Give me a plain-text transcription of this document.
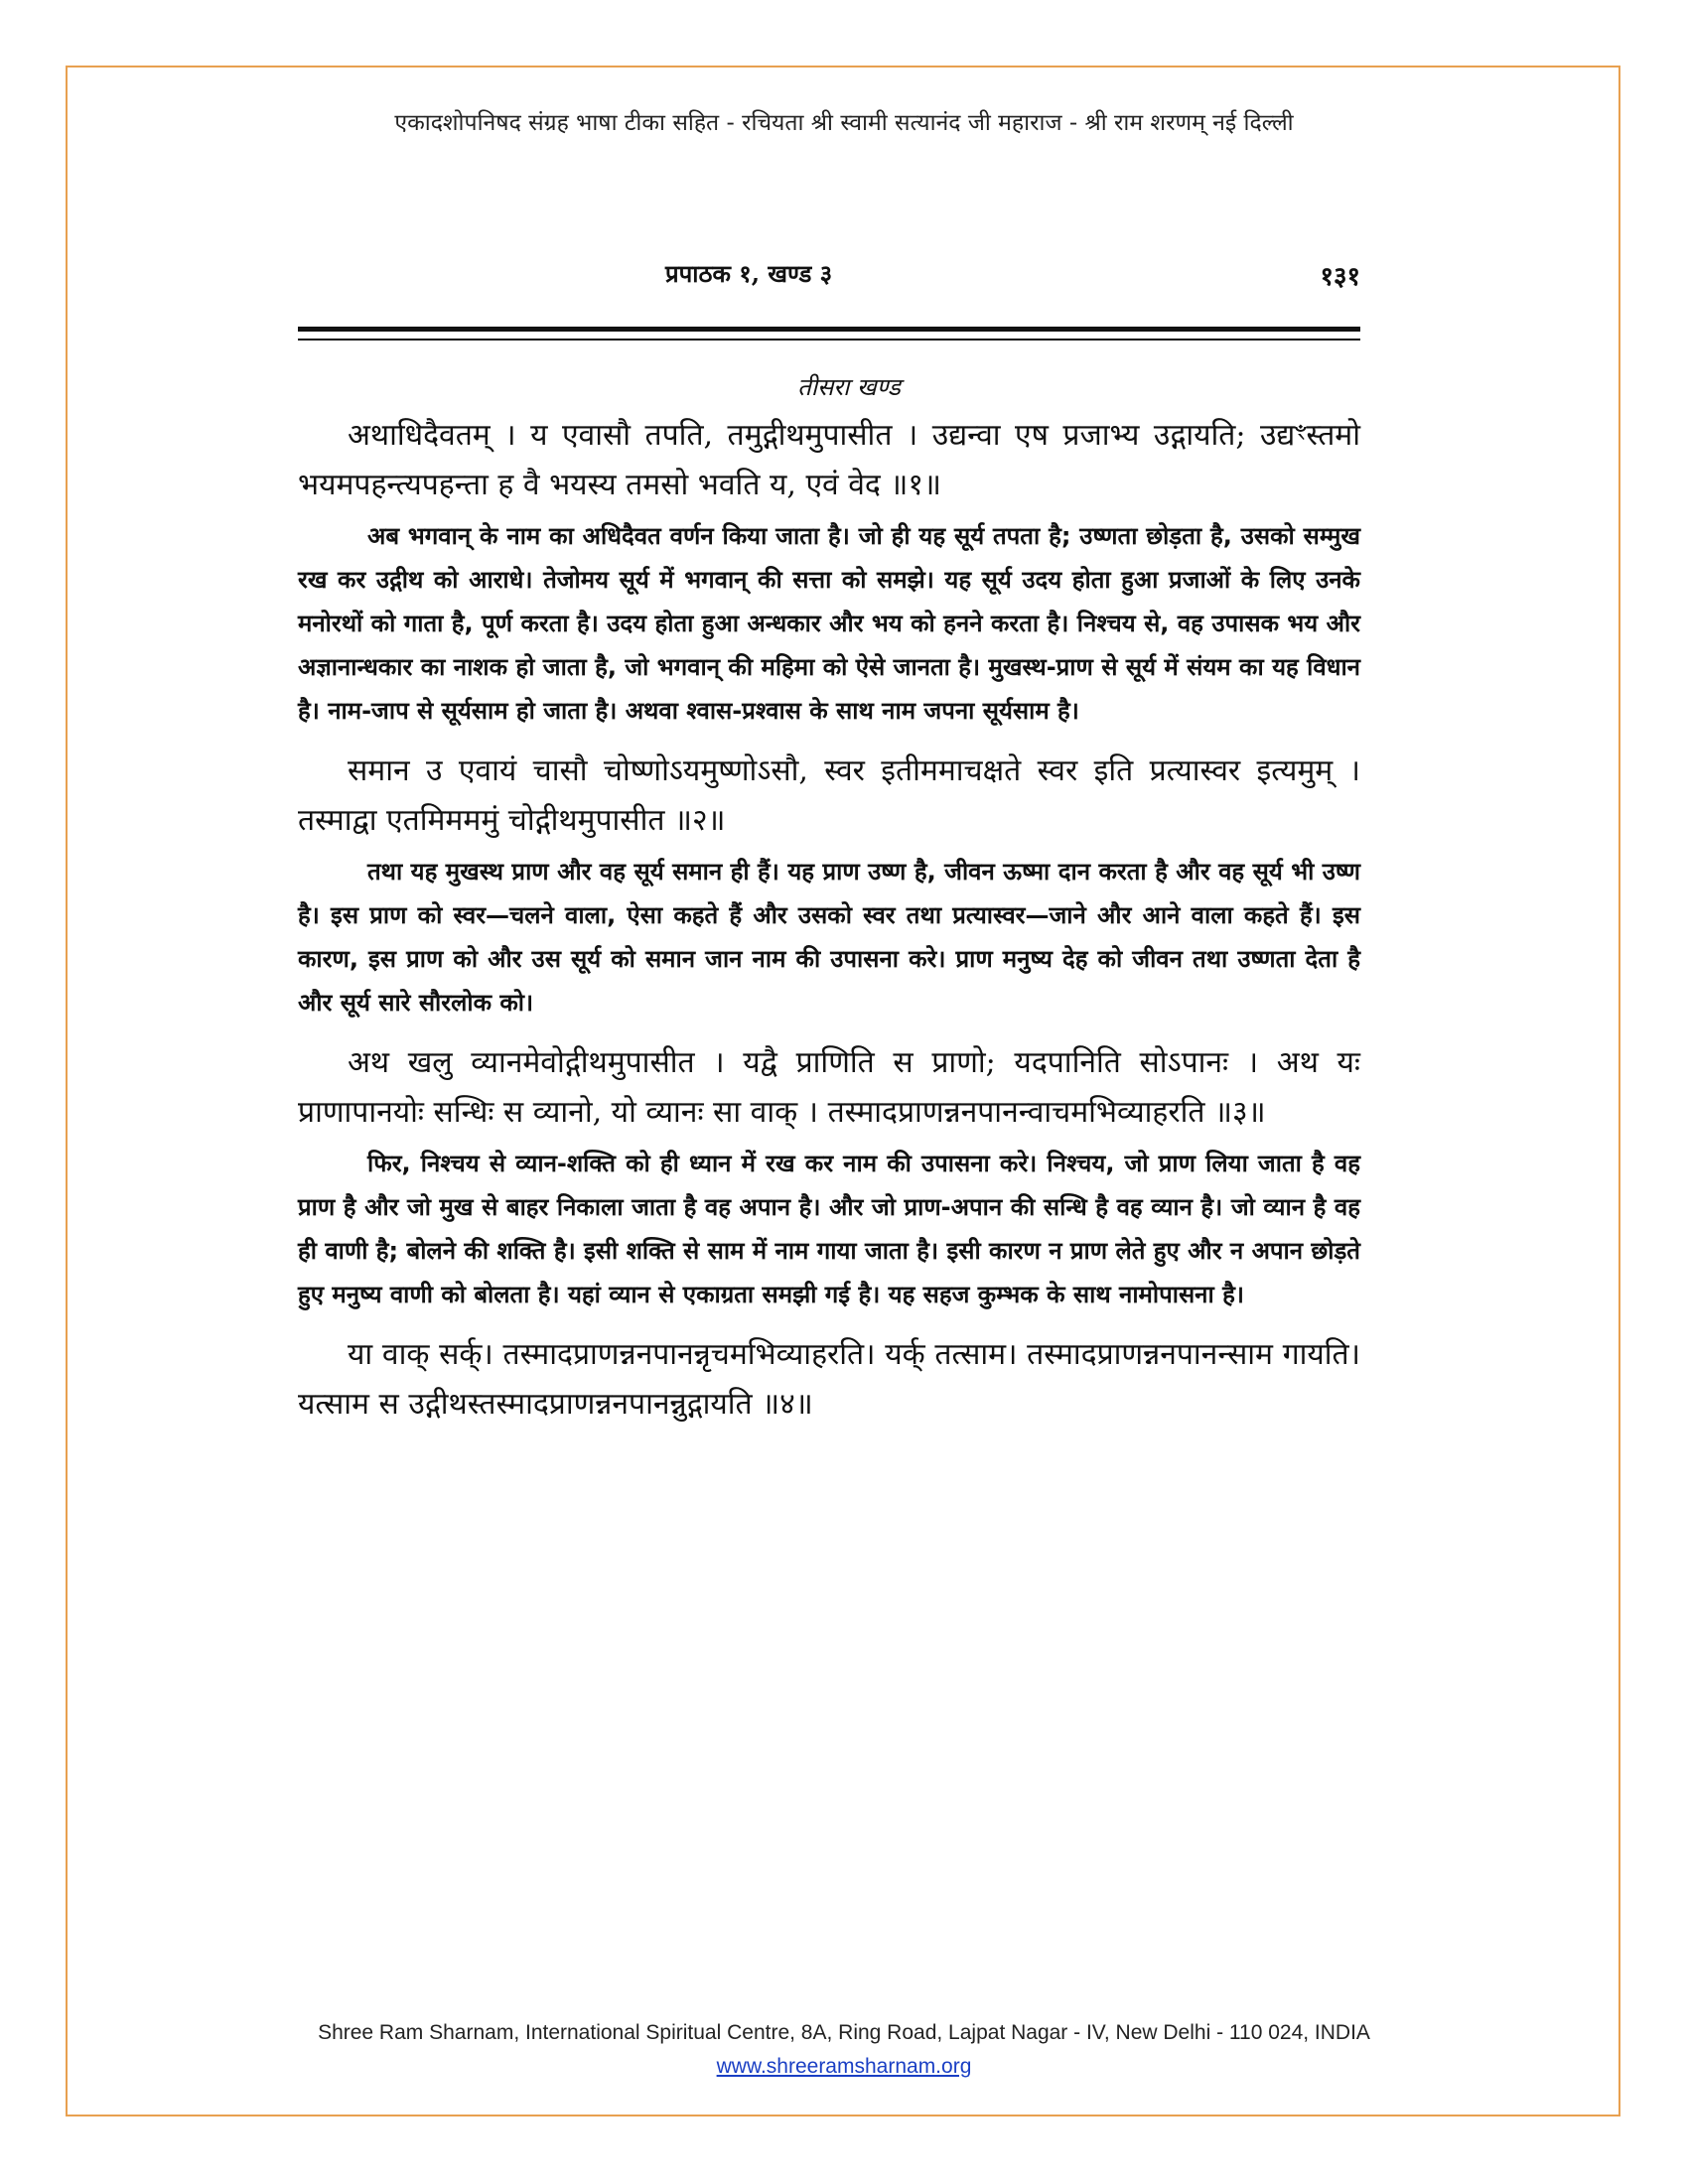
एकादशोपनिषद संग्रह भाषा टीका सहित - रचियता श्री स्वामी सत्यानंद जी महाराज - श्री राम शरणम् नई दिल्ली
प्रपाठक १, खण्ड ३	१३१
तीसरा खण्ड

अथाधिदैवतम् । य एवासौ तपति, तमुद्गीथमुपासीत । उद्यन्वा एष प्रजाभ्य उद्गायति; उद्यꣳस्तमो भयमपहन्त्यपहन्ता ह वै भयस्य तमसो भवति य, एवं वेद ॥१॥

अब भगवान् के नाम का अधिदैवत वर्णन किया जाता है। जो ही यह सूर्य तपता है; उष्णता छोड़ता है, उसको सम्मुख रख कर उद्गीथ को आराधे। तेजोमय सूर्य में भगवान् की सत्ता को समझे। यह सूर्य उदय होता हुआ प्रजाओं के लिए उनके मनोरथों को गाता है, पूर्ण करता है। उदय होता हुआ अन्धकार और भय को हनने करता है। निश्चय से, वह उपासक भय और अज्ञानान्धकार का नाशक हो जाता है, जो भगवान् की महिमा को ऐसे जानता है। मुखस्थ-प्राण से सूर्य में संयम का यह विधान है। नाम-जाप से सूर्यसाम हो जाता है। अथवा श्वास-प्रश्वास के साथ नाम जपना सूर्यसाम है।

समान उ एवायं चासौ चोष्णोऽयमुष्णोऽसौ, स्वर इतीममाचक्षते स्वर इति प्रत्यास्वर इत्यमुम् । तस्माद्वा एतमिमममुं चोद्गीथमुपासीत ॥२॥

तथा यह मुखस्थ प्राण और वह सूर्य समान ही हैं। यह प्राण उष्ण है, जीवन ऊष्मा दान करता है और वह सूर्य भी उष्ण है। इस प्राण को स्वर—चलने वाला, ऐसा कहते हैं और उसको स्वर तथा प्रत्यास्वर—जाने और आने वाला कहते हैं। इस कारण, इस प्राण को और उस सूर्य को समान जान नाम की उपासना करे। प्राण मनुष्य देह को जीवन तथा उष्णता देता है और सूर्य सारे सौरलोक को।

अथ खलु व्यानमेवोद्गीथमुपासीत । यद्वै प्राणिति स प्राणो; यदपानिति सोऽपानः । अथ यः प्राणापानयोः सन्धिः स व्यानो, यो व्यानः सा वाक् । तस्मादप्राणन्ननपानन्वाचमभिव्याहरति ॥३॥

फिर, निश्चय से व्यान-शक्ति को ही ध्यान में रख कर नाम की उपासना करे। निश्चय, जो प्राण लिया जाता है वह प्राण है और जो मुख से बाहर निकाला जाता है वह अपान है। और जो प्राण-अपान की सन्धि है वह व्यान है। जो व्यान है वह ही वाणी है; बोलने की शक्ति है। इसी शक्ति से साम में नाम गाया जाता है। इसी कारण न प्राण लेते हुए और न अपान छोड़ते हुए मनुष्य वाणी को बोलता है। यहां व्यान से एकाग्रता समझी गई है। यह सहज कुम्भक के साथ नामोपासना है।

या वाक् सर्क्। तस्मादप्राणन्ननपानन्नृचमभिव्याहरति। यर्क् तत्साम। तस्मादप्राणन्ननपानन्साम गायति। यत्साम स उद्गीथस्तस्मादप्राणन्ननपानन्नुद्गायति ॥४॥

Shree Ram Sharnam, International Spiritual Centre, 8A, Ring Road, Lajpat Nagar - IV, New Delhi - 110 024, INDIA
www.shreeramsharnam.org
